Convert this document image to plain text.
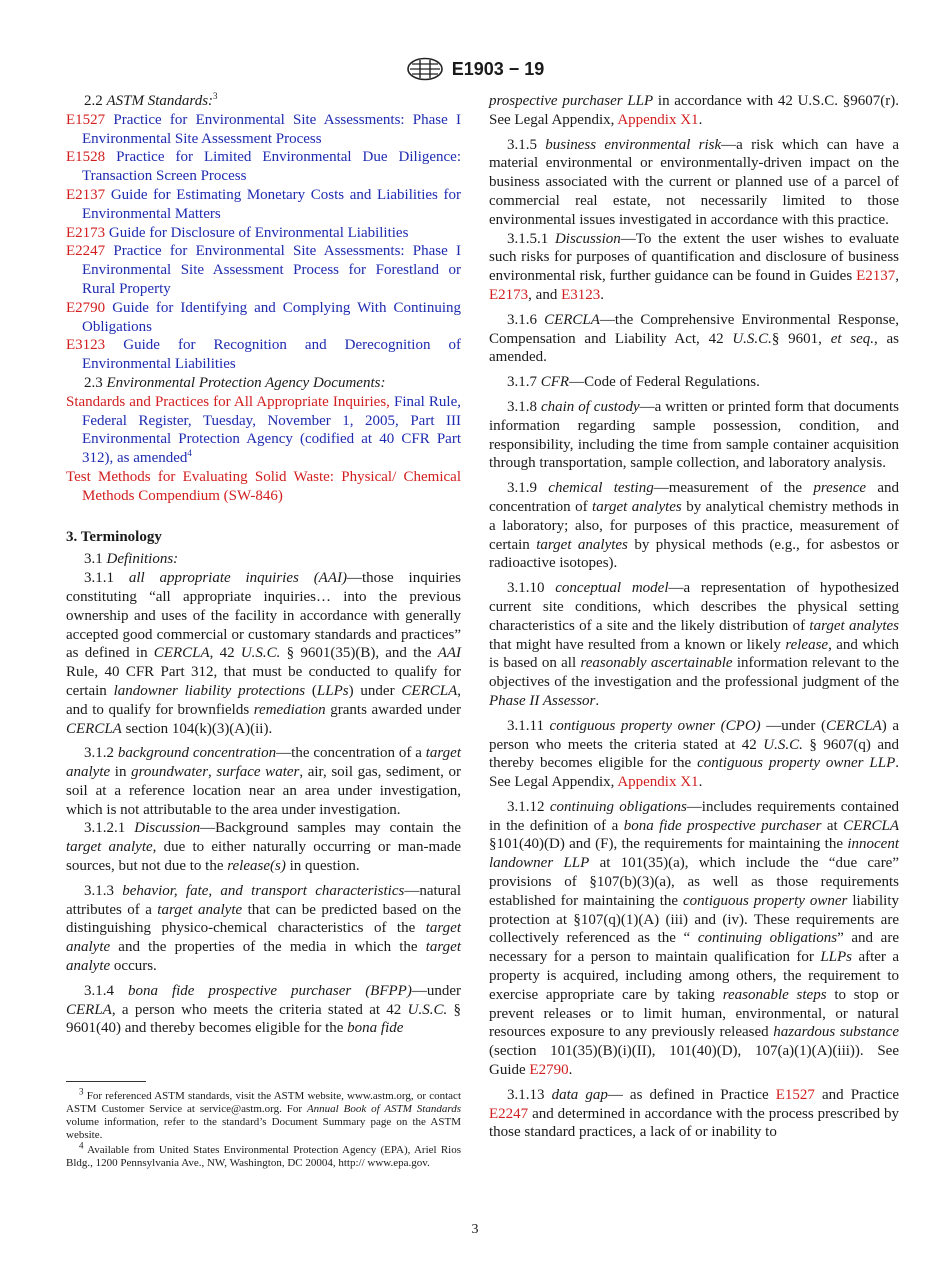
E1903 − 19

2.2 ASTM Standards:$^3$

E1527 Practice for Environmental Site Assessments: Phase I Environmental Site Assessment Process

E1528 Practice for Limited Environmental Due Diligence: Transaction Screen Process

E2137 Guide for Estimating Monetary Costs and Liabilities for Environmental Matters

E2173 Guide for Disclosure of Environmental Liabilities

E2247 Practice for Environmental Site Assessments: Phase I Environmental Site Assessment Process for Forestland or Rural Property

E2790 Guide for Identifying and Complying With Continuing Obligations

E3123 Guide for Recognition and Derecognition of Environmental Liabilities

2.3 Environmental Protection Agency Documents:

Standards and Practices for All Appropriate Inquiries, Final Rule, Federal Register, Tuesday, November 1, 2005, Part III Environmental Protection Agency (codified at 40 CFR Part 312), as amended$^4$

Test Methods for Evaluating Solid Waste: Physical/ Chemical Methods Compendium (SW-846)

3. Terminology

3.1 Definitions:

3.1.1 all appropriate inquiries (AAI)—those inquiries constituting “all appropriate inquiries… into the previous ownership and uses of the facility in accordance with generally accepted good commercial or customary standards and practices” as defined in CERCLA, 42 U.S.C. § 9601(35)(B), and the AAI Rule, 40 CFR Part 312, that must be conducted to qualify for certain landowner liability protections (LLPs) under CERCLA, and to qualify for brownfields remediation grants awarded under CERCLA section 104(k)(3)(A)(ii).

3.1.2 background concentration—the concentration of a target analyte in groundwater, surface water, air, soil gas, sediment, or soil at a reference location near an area under investigation, which is not attributable to the area under investigation.

3.1.2.1 Discussion—Background samples may contain the target analyte, due to either naturally occurring or man-made sources, but not due to the release(s) in question.

3.1.3 behavior, fate, and transport characteristics—natural attributes of a target analyte that can be predicted based on the distinguishing physico-chemical characteristics of the target analyte and the properties of the media in which the target analyte occurs.

3.1.4 bona fide prospective purchaser (BFPP)—under CERLA, a person who meets the criteria stated at 42 U.S.C. § 9601(40) and thereby becomes eligible for the bona fide

$^3$ For referenced ASTM standards, visit the ASTM website, www.astm.org, or contact ASTM Customer Service at service@astm.org. For Annual Book of ASTM Standards volume information, refer to the standard’s Document Summary page on the ASTM website.

$^4$ Available from United States Environmental Protection Agency (EPA), Ariel Rios Bldg., 1200 Pennsylvania Ave., NW, Washington, DC 20004, http:// www.epa.gov.

prospective purchaser LLP in accordance with 42 U.S.C. §9607(r). See Legal Appendix, Appendix X1.

3.1.5 business environmental risk—a risk which can have a material environmental or environmentally-driven impact on the business associated with the current or planned use of a parcel of commercial real estate, not necessarily limited to those environmental issues investigated in accordance with this practice.

3.1.5.1 Discussion—To the extent the user wishes to evaluate such risks for purposes of quantification and disclosure of business environmental risk, further guidance can be found in Guides E2137, E2173, and E3123.

3.1.6 CERCLA—the Comprehensive Environmental Response, Compensation and Liability Act, 42 U.S.C.§ 9601, et seq., as amended.

3.1.7 CFR—Code of Federal Regulations.

3.1.8 chain of custody—a written or printed form that documents information regarding sample possession, condition, and responsibility, including the time from sample container acquisition through transportation, sample collection, and laboratory analysis.

3.1.9 chemical testing—measurement of the presence and concentration of target analytes by analytical chemistry methods in a laboratory; also, for purposes of this practice, measurement of certain target analytes by physical methods (e.g., for asbestos or radioactive isotopes).

3.1.10 conceptual model—a representation of hypothesized current site conditions, which describes the physical setting characteristics of a site and the likely distribution of target analytes that might have resulted from a known or likely release, and which is based on all reasonably ascertainable information relevant to the objectives of the investigation and the professional judgment of the Phase II Assessor.

3.1.11 contiguous property owner (CPO) —under (CERCLA) a person who meets the criteria stated at 42 U.S.C. § 9607(q) and thereby becomes eligible for the contiguous property owner LLP. See Legal Appendix, Appendix X1.

3.1.12 continuing obligations—includes requirements contained in the definition of a bona fide prospective purchaser at CERCLA §101(40)(D) and (F), the requirements for maintaining the innocent landowner LLP at 101(35)(a), which include the “due care” provisions of §107(b)(3)(a), as well as those requirements established for maintaining the contiguous property owner liability protection at §107(q)(1)(A) (iii) and (iv). These requirements are collectively referenced as the “ continuing obligations” and are necessary for a person to maintain qualification for LLPs after a property is acquired, including among others, the requirement to exercise appropriate care by taking reasonable steps to stop or prevent releases or to limit human, environmental, or natural resources exposure to any previously released hazardous substance (section 101(35)(B)(i)(II), 101(40)(D), 107(a)(1)(A)(iii)). See Guide E2790.

3.1.13 data gap— as defined in Practice E1527 and Practice E2247 and determined in accordance with the process prescribed by those standard practices, a lack of or inability to

3
